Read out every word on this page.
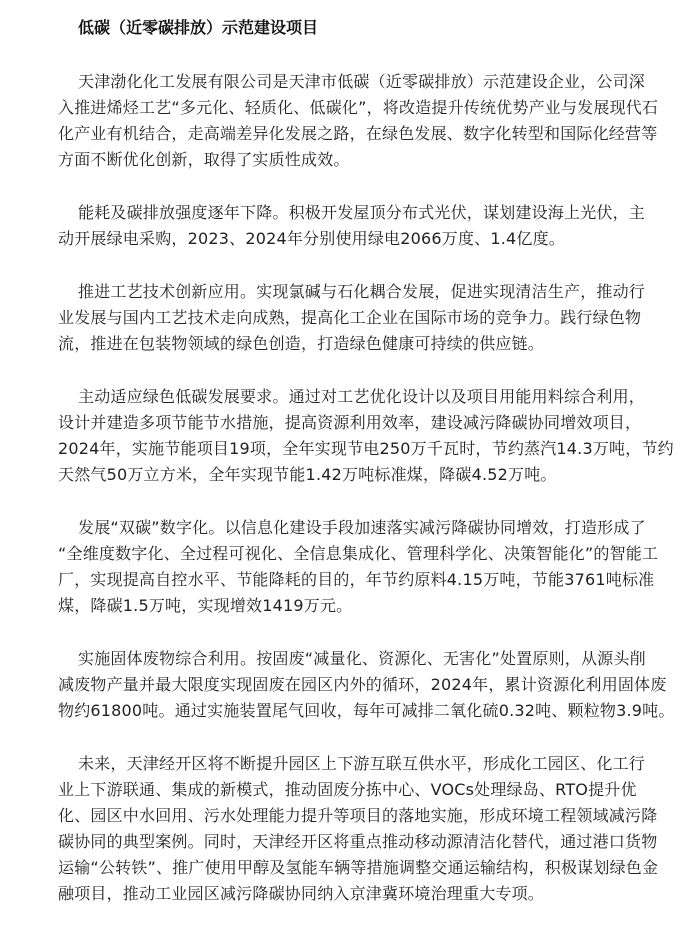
低碳（近零碳排放）示范建设项目
天津渤化化工发展有限公司是天津市低碳（近零碳排放）示范建设企业，公司深
入推进烯烃工艺“多元化、轻质化、低碳化”，将改造提升传统优势产业与发展现代石
化产业有机结合，走高端差异化发展之路，在绿色发展、数字化转型和国际化经营等
方面不断优化创新，取得了实质性成效。
能耗及碳排放强度逐年下降。积极开发屋顶分布式光伏，谋划建设海上光伏，主
动开展绿电采购，2023、2024年分别使用绿电2066万度、1.4亿度。
推进工艺技术创新应用。实现氯碱与石化耦合发展，促进实现清洁生产，推动行
业发展与国内工艺技术走向成熟，提高化工企业在国际市场的竞争力。践行绿色物
流，推进在包装物领域的绿色创造，打造绿色健康可持续的供应链。
主动适应绿色低碳发展要求。通过对工艺优化设计以及项目用能用料综合利用，
设计并建造多项节能节水措施，提高资源利用效率，建设减污降碳协同增效项目，
2024年，实施节能项目19项，全年实现节电250万千瓦时，节约蒸汽14.3万吨，节约
天然气50万立方米，全年实现节能1.42万吨标准煤，降碳4.52万吨。
发展“双碳”数字化。以信息化建设手段加速落实减污降碳协同增效，打造形成了
“全维度数字化、全过程可视化、全信息集成化、管理科学化、决策智能化”的智能工
厂，实现提高自控水平、节能降耗的目的，年节约原料4.15万吨，节能3761吨标准
煤，降碳1.5万吨，实现增效1419万元。
实施固体废物综合利用。按固废“减量化、资源化、无害化”处置原则，从源头削
减废物产量并最大限度实现固废在园区内外的循环，2024年，累计资源化利用固体废
物约61800吨。通过实施装置尾气回收，每年可减排二氧化硫0.32吨、颗粒物3.9吨。
未来，天津经开区将不断提升园区上下游互联互供水平，形成化工园区、化工行
业上下游联通、集成的新模式，推动固废分拣中心、VOCs处理绿岛、RTO提升优
化、园区中水回用、污水处理能力提升等项目的落地实施，形成环境工程领域减污降
碳协同的典型案例。同时，天津经开区将重点推动移动源清洁化替代，通过港口货物
运输“公转铁”、推广使用甲醇及氢能车辆等措施调整交通运输结构，积极谋划绿色金
融项目，推动工业园区减污降碳协同纳入京津冀环境治理重大专项。
